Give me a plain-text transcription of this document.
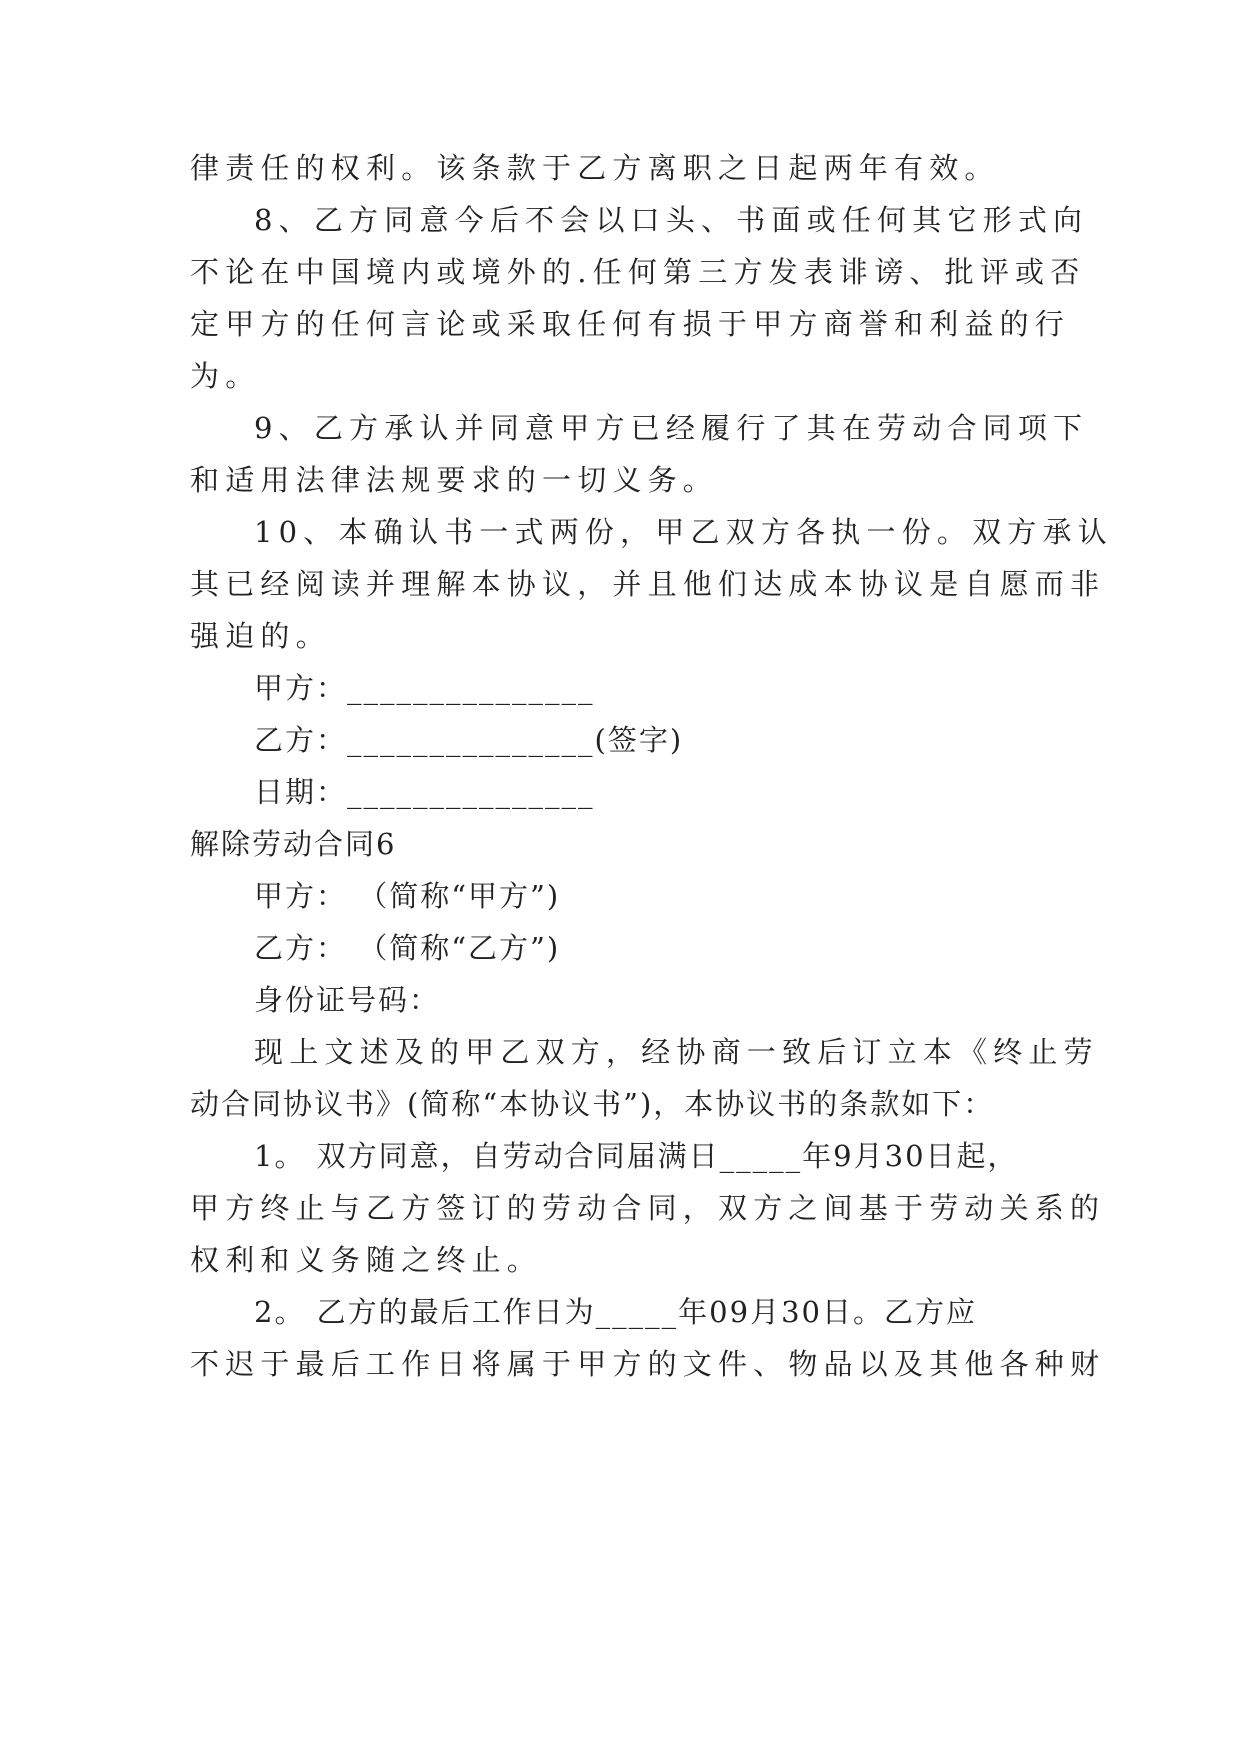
律责任的权利。该条款于乙方离职之日起两年有效。
8、乙方同意今后不会以口头、书面或任何其它形式向
不论在中国境内或境外的.任何第三方发表诽谤、批评或否
定甲方的任何言论或采取任何有损于甲方商誉和利益的行
为。
9、乙方承认并同意甲方已经履行了其在劳动合同项下
和适用法律法规要求的一切义务。
10、本确认书一式两份，甲乙双方各执一份。双方承认
其已经阅读并理解本协议，并且他们达成本协议是自愿而非
强迫的。
甲方：_______________
乙方：_______________(签字)
日期：_______________
解除劳动合同6
甲方： （简称“甲方”)
乙方： （简称“乙方”)
身份证号码：
现上文述及的甲乙双方，经协商一致后订立本《终止劳
动合同协议书》(简称“本协议书”)，本协议书的条款如下：
1。 双方同意，自劳动合同届满日_____年9月30日起，
甲方终止与乙方签订的劳动合同，双方之间基于劳动关系的
权利和义务随之终止。
2。 乙方的最后工作日为_____年09月30日。乙方应
不迟于最后工作日将属于甲方的文件、物品以及其他各种财
